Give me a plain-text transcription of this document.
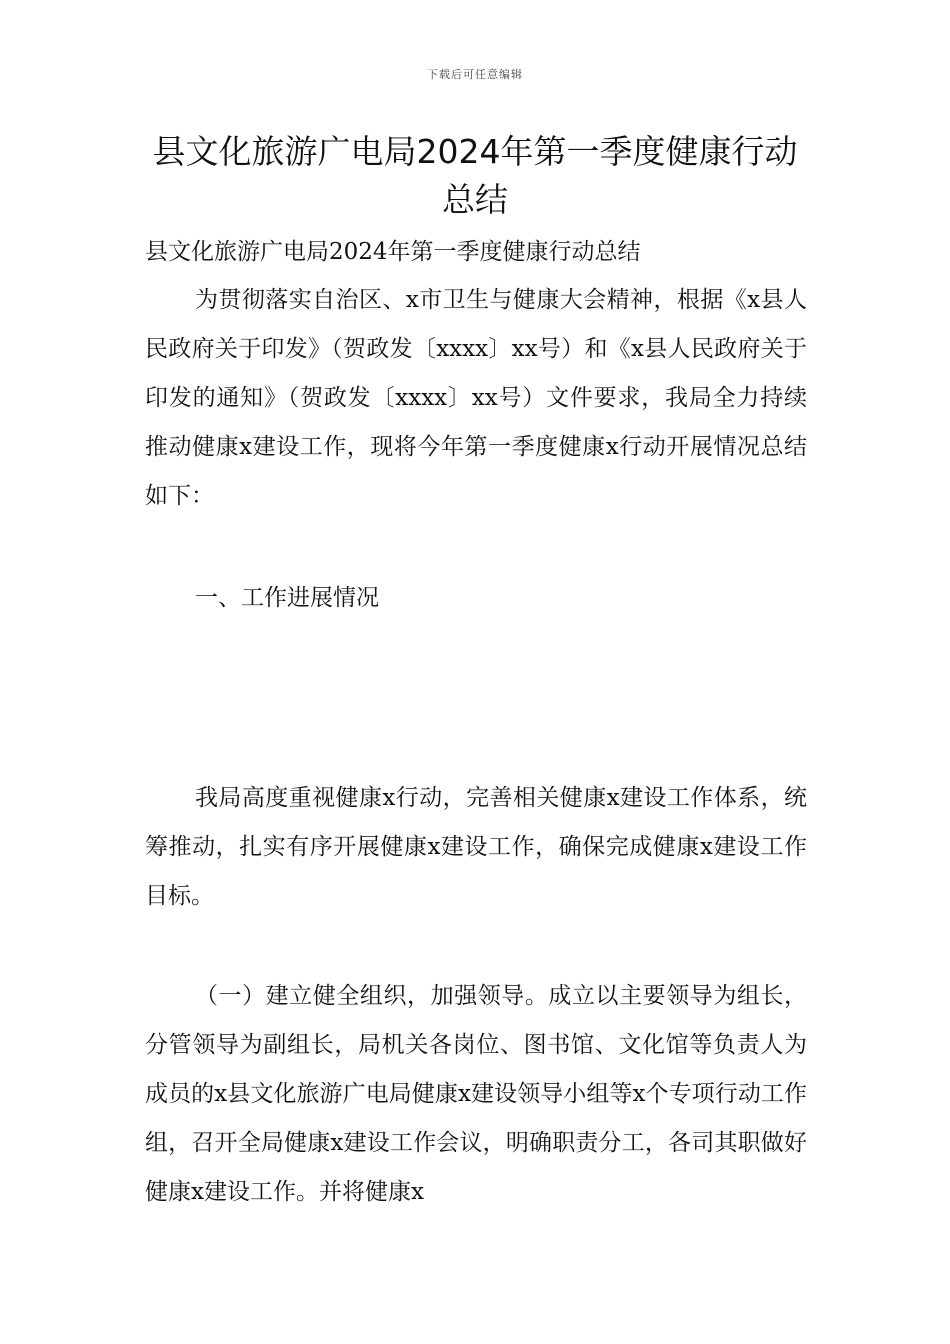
下载后可任意编辑
县文化旅游广电局2024年第一季度健康行动总结

县文化旅游广电局2024年第一季度健康行动总结

为贯彻落实自治区、x市卫生与健康大会精神，根据《x县人民政府关于印发》（贺政发〔xxxx〕xx号）和《x县人民政府关于印发的通知》（贺政发〔xxxx〕xx号）文件要求，我局全力持续推动健康x建设工作，现将今年第一季度健康x行动开展情况总结如下：

一、工作进展情况

我局高度重视健康x行动，完善相关健康x建设工作体系，统筹推动，扎实有序开展健康x建设工作，确保完成健康x建设工作目标。

（一）建立健全组织，加强领导。成立以主要领导为组长，分管领导为副组长，局机关各岗位、图书馆、文化馆等负责人为成员的x县文化旅游广电局健康x建设领导小组等x个专项行动工作组，召开全局健康x建设工作会议，明确职责分工，各司其职做好健康x建设工作。并将健康x
